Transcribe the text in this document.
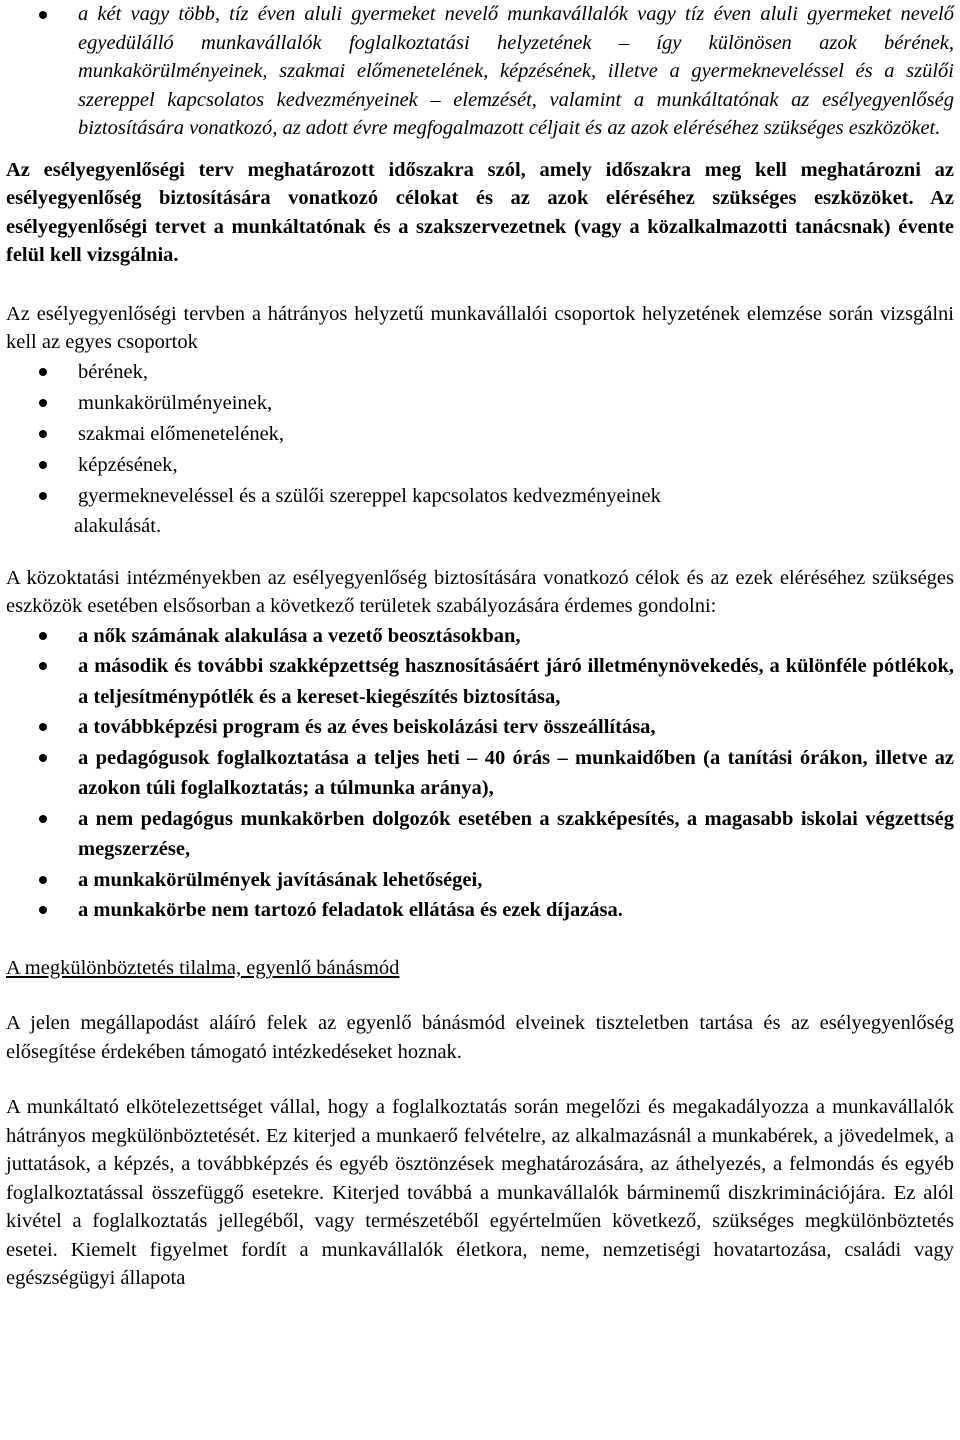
a két vagy több, tíz éven aluli gyermeket nevelő munkavállalók vagy tíz éven aluli gyermeket nevelő egyedülálló munkavállalók foglalkoztatási helyzetének – így különösen azok bérének, munkakörülményeinek, szakmai előmenetelének, képzésének, illetve a gyermekneveléssel és a szülői szereppel kapcsolatos kedvezményeinek – elemzését, valamint a munkáltatónak az esélyegyenlőség biztosítására vonatkozó, az adott évre megfogalmazott céljait és az azok eléréséhez szükséges eszközöket.

Az esélyegyenlőségi terv meghatározott időszakra szól, amely időszakra meg kell meghatározni az esélyegyenlőség biztosítására vonatkozó célokat és az azok eléréséhez szükséges eszközöket. Az esélyegyenlőségi tervet a munkáltatónak és a szakszervezetnek (vagy a közalkalmazotti tanácsnak) évente felül kell vizsgálnia.

Az esélyegyenlőségi tervben a hátrányos helyzetű munkavállalói csoportok helyzetének elemzése során vizsgálni kell az egyes csoportok

bérének,
munkakörülményeinek,
szakmai előmenetelének,
képzésének,
gyermekneveléssel és a szülői szereppel kapcsolatos kedvezményeinek
alakulását.

A közoktatási intézményekben az esélyegyenlőség biztosítására vonatkozó célok és az ezek eléréséhez szükséges eszközök esetében elsősorban a következő területek szabályozására érdemes gondolni:

a nők számának alakulása a vezető beosztásokban,
a második és további szakképzettség hasznosításáért járó illetménynövekedés, a különféle pótlékok, a teljesítménypótlék és a kereset-kiegészítés biztosítása,
a továbbképzési program és az éves beiskolázási terv összeállítása,
a pedagógusok foglalkoztatása a teljes heti – 40 órás – munkaidőben (a tanítási órákon, illetve az azokon túli foglalkoztatás; a túlmunka aránya),
a nem pedagógus munkakörben dolgozók esetében a szakképesítés, a magasabb iskolai végzettség megszerzése,
a munkakörülmények javításának lehetőségei,
a munkakörbe nem tartozó feladatok ellátása és ezek díjazása.

A megkülönböztetés tilalma, egyenlő bánásmód

A jelen megállapodást aláíró felek az egyenlő bánásmód elveinek tiszteletben tartása és az esélyegyenlőség elősegítése érdekében támogató intézkedéseket hoznak.

A munkáltató elkötelezettséget vállal, hogy a foglalkoztatás során megelőzi és megakadályozza a munkavállalók hátrányos megkülönböztetését. Ez kiterjed a munkaerő felvételre, az alkalmazásnál a munkabérek, a jövedelmek, a juttatások, a képzés, a továbbképzés és egyéb ösztönzések meghatározására, az áthelyezés, a felmondás és egyéb foglalkoztatással összefüggő esetekre. Kiterjed továbbá a munkavállalók bárminemű diszkriminációjára. Ez alól kivétel a foglalkoztatás jellegéből, vagy természetéből egyértelműen következő, szükséges megkülönböztetés esetei. Kiemelt figyelmet fordít a munkavállalók életkora, neme, nemzetiségi hovatartozása, családi vagy egészségügyi állapota
